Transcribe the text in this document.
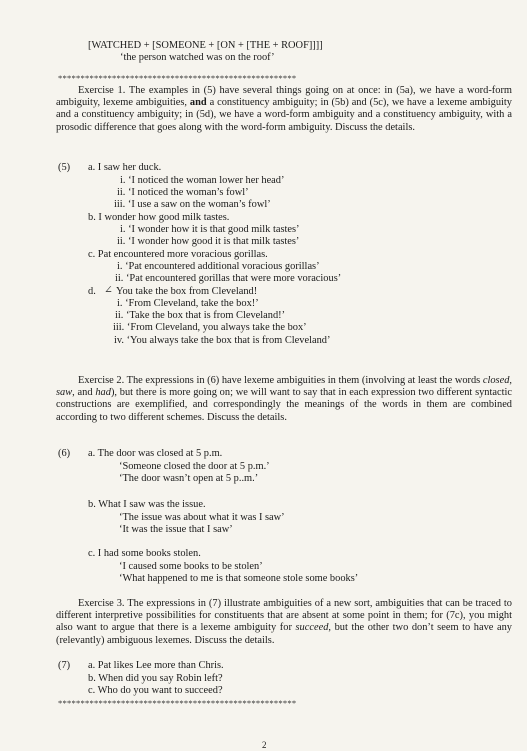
[WATCHED + [SOMEONE + [ON + [THE + ROOF]]]]
‘the person watched was on the roof’
*****************************************************

Exercise 1. The examples in (5) have several things going on at once: in (5a), we have a word-form ambiguity, lexeme ambiguities, and a constituency ambiguity; in (5b) and (5c), we have a lexeme ambiguity and a constituency ambiguity; in (5d), we have a word-form ambiguity and a constituency ambiguity, with a prosodic difference that goes along with the word-form ambiguity. Discuss the details.

(5) a. I saw her duck.
i. ‘I noticed the woman lower her head’
ii. ‘I noticed the woman’s fowl’
iii. ‘I use a saw on the woman’s fowl’
b. I wonder how good milk tastes.
i. ‘I wonder how it is that good milk tastes’
ii. ‘I wonder how good it is that milk tastes’
c. Pat encountered more voracious gorillas.
i. ‘Pat encountered additional voracious gorillas’
ii. ‘Pat encountered gorillas that were more voracious’
d. ∠ You take the box from Cleveland!
i. ‘From Cleveland, take the box!’
ii. ‘Take the box that is from Cleveland!’
iii. ‘From Cleveland, you always take the box’
iv. ‘You always take the box that is from Cleveland’

Exercise 2. The expressions in (6) have lexeme ambiguities in them (involving at least the words closed, saw, and had), but there is more going on; we will want to say that in each expression two different syntactic constructions are exemplified, and correspondingly the meanings of the words in them are combined according to two different schemes. Discuss the details.

(6) a. The door was closed at 5 p.m.
‘Someone closed the door at 5 p.m.’
‘The door wasn’t open at 5 p..m.’
b. What I saw was the issue.
‘The issue was about what it was I saw’
‘It was the issue that I saw’
c. I had some books stolen.
‘I caused some books to be stolen’
‘What happened to me is that someone stole some books’

Exercise 3. The expressions in (7) illustrate ambiguities of a new sort, ambiguities that can be traced to different interpretive possibilities for constituents that are absent at some point in them; for (7c), you might also want to argue that there is a lexeme ambiguity for succeed, but the other two don’t seem to have any (relevantly) ambiguous lexemes. Discuss the details.

(7) a. Pat likes Lee more than Chris.
b. When did you say Robin left?
c. Who do you want to succeed?
*****************************************************
2
